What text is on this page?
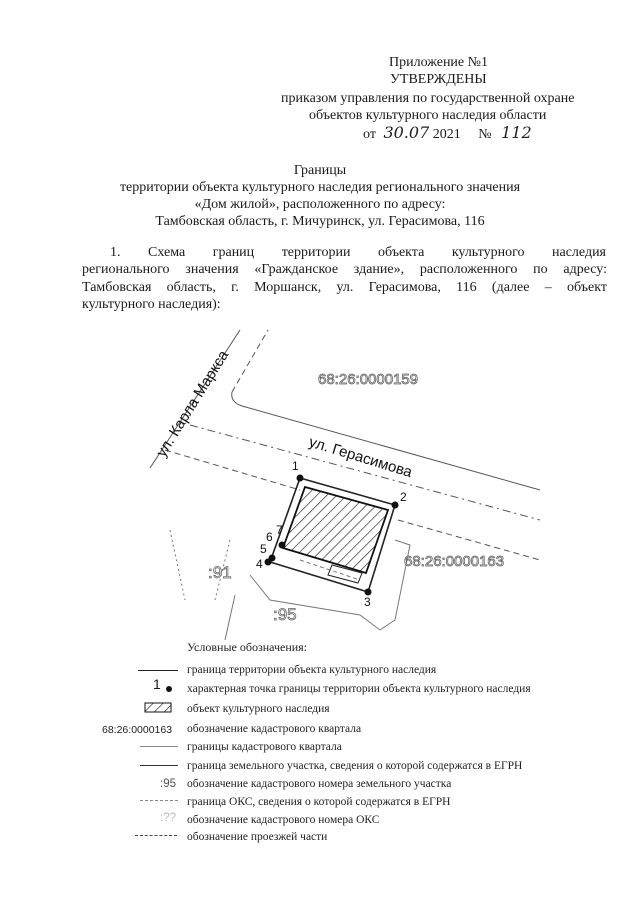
Приложение №1
УТВЕРЖДЕНЫ
приказом управления по государственной охране
объектов культурного наследия области
от 30.07 2021 № 112
Границы
территории объекта культурного наследия регионального значения
«Дом жилой», расположенного по адресу:
Тамбовская область, г. Мичуринск, ул. Герасимова, 116
1. Схема границ территории объекта культурного наследия
регионального значения «Гражданское здание», расположенного по адресу:
Тамбовская область, г. Моршанск, ул. Герасимова, 116 (далее – объект
культурного наследия):
1
2
3
4
5
6 7
ул. Карла Маркса	ул. Герасимова
68:26:0000159
68:26:0000163
:91
:95
Условные обозначения:
1
68:26:0000163
:95
:??
граница территории объекта культурного наследия
характерная точка границы территории объекта культурного наследия
объект культурного наследия
обозначение кадастрового квартала
границы кадастрового квартала
граница земельного участка, сведения о которой содержатся в ЕГРН
обозначение кадастрового номера земельного участка
граница ОКС, сведения о которой содержатся в ЕГРН
обозначение кадастрового номера ОКС
обозначение проезжей части
